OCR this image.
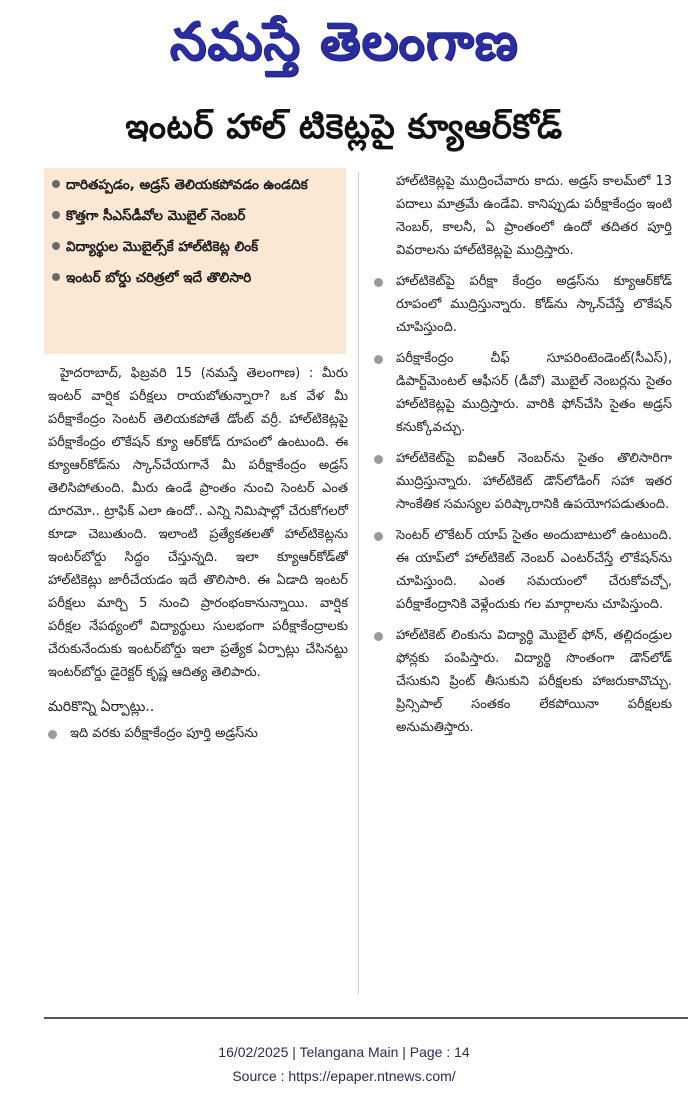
నమస్తే తెలంగాణ
ఇంటర్ హాల్ టికెట్లపై క్యూఆర్‌కోడ్
దారితప్పడం, అడ్రస్ తెలియకపోవడం ఉండదిక
కొత్తగా సీఎస్‌డీవోల మొబైల్ నెంబర్
విద్యార్థుల మొబైల్స్‌కే హాల్‌టికెట్ల లింక్
ఇంటర్ బోర్డు చరిత్రలో ఇదే తొలిసారి

హైదరాబాద్, ఫిబ్రవరి 15 (నమస్తే తెలంగాణ) : మీరు ఇంటర్ వార్షిక పరీక్షలు రాయబోతున్నారా? ఒక వేళ మీ పరీక్షాకేంద్రం సెంటర్ తెలియకపోతే డోంట్ వర్రీ. హాల్‌టికెట్లపై పరీక్షాకేంద్రం లొకేషన్ క్యూ ఆర్‌కోడ్ రూపంలో ఉంటుంది. ఈ క్యూఆర్‌కోడ్‌ను స్కాన్‌చేయగానే మీ పరీక్షాకేంద్రం అడ్రస్ తెలిసిపోతుంది. మీరు ఉండే ప్రాంతం నుంచి సెంటర్ ఎంత దూరమో.. ట్రాఫిక్ ఎలా ఉందో.. ఎన్ని నిమిషాల్లో చేరుకోగలరో కూడా చెబుతుంది. ఇలాంటి ప్రత్యేకతలతో హాల్‌టికెట్లను ఇంటర్‌బోర్డు సిద్ధం చేస్తున్నది. ఇలా క్యూఆర్‌కోడ్‌తో హాల్‌టికెట్లు జారీచేయడం ఇదే తొలిసారి. ఈ ఏడాది ఇంటర్ పరీక్షలు మార్చి 5 నుంచి ప్రారంభంకానున్నాయి. వార్షిక పరీక్షల నేపథ్యంలో విద్యార్థులు సులభంగా పరీక్షాకేంద్రాలకు చేరుకునేందుకు ఇంటర్‌బోర్డు ఇలా ప్రత్యేక ఏర్పాట్లు చేసినట్టు ఇంటర్‌బోర్డు డైరెక్టర్ కృష్ణ ఆదిత్య తెలిపారు.

మరికొన్ని ఏర్పాట్లు..
ఇది వరకు పరీక్షాకేంద్రం పూర్తి అడ్రస్‌ను
హాల్‌టికెట్లపై ముద్రించేవారు కాదు. అడ్రస్ కాలమ్‌లో 13 పదాలు మాత్రమే ఉండేవి. కానిప్పుడు పరీక్షాకేంద్రం ఇంటి నెంబర్, కాలనీ, ఏ ప్రాంతంలో ఉందో తదితర పూర్తి వివరాలను హాల్‌టికెట్లపై ముద్రిస్తారు.
హాల్‌టికెట్‌పై పరీక్షా కేంద్రం అడ్రస్‌ను క్యూఆర్‌కోడ్ రూపంలో ముద్రిస్తున్నారు. కోడ్‌ను స్కాన్‌చేస్తే లొకేషన్ చూపిస్తుంది.
పరీక్షాకేంద్రం చీఫ్ సూపరింటెండెంట్(సీఎస్), డిపార్ట్‌మెంటల్ ఆఫీసర్ (డీవో) మొబైల్ నెంబర్లను సైతం హాల్‌టికెట్లపై ముద్రిస్తారు. వారికి ఫోన్‌చేసి సైతం అడ్రస్ కనుక్కోవచ్చు.
హాల్‌టికెట్‌పై ఐవీఆర్ నెంబర్‌ను సైతం తొలిసారిగా ముద్రిస్తున్నారు. హాల్‌టికెట్ డౌన్‌లోడింగ్ సహా ఇతర సాంకేతిక సమస్యల పరిష్కారానికి ఉపయోగపడుతుంది.
సెంటర్ లొకేటర్ యాప్ సైతం అందుబాటులో ఉంటుంది. ఈ యాప్‌లో హాల్‌టికెట్ నెంబర్ ఎంటర్‌చేస్తే లొకేషన్‌ను చూపిస్తుంది. ఎంత సమయంలో చేరుకోవచ్చో, పరీక్షాకేంద్రానికి వెళ్లేందుకు గల మార్గాలను చూపిస్తుంది.
హాల్‌టికెట్ లింకును విద్యార్థి మొబైల్ ఫోన్, తల్లిదండ్రుల ఫోన్లకు పంపిస్తారు. విద్యార్థి సొంతంగా డౌన్‌లోడ్ చేసుకుని ప్రింట్ తీసుకుని పరీక్షలకు హాజరుకావొచ్చు. ప్రిన్సిపాల్ సంతకం లేకపోయినా పరీక్షలకు అనుమతిస్తారు.
16/02/2025 | Telangana Main | Page : 14
Source : https://epaper.ntnews.com/
